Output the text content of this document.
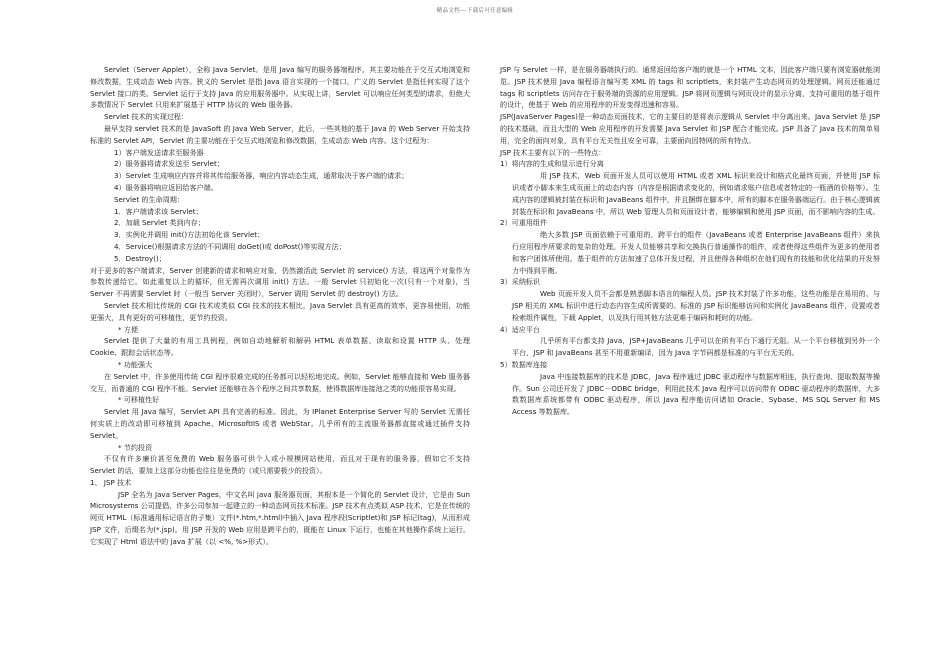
精品文档---下载后可任意编辑

Servlet（Server Applet），全称 Java Servlet。是用 Java 编写的服务器端程序。其主要功能在于交互式地浏览和修改数据，生成动态 Web 内容。狭义的 Servlet 是指 Java 语言实现的一个接口，广义的 Servlet 是指任何实现了这个 Servlet 接口的类。Servlet 运行于支持 Java 的应用服务器中。从实现上讲，Servlet 可以响应任何类型的请求，但绝大多数情况下 Servlet 只用来扩展基于 HTTP 协议的 Web 服务器。

Servlet 技术的实现过程：

最早支持 servlet 技术的是 JavaSoft 的 Java Web Server，此后，一些其他的基于 Java 的 Web Server 开始支持标准的 Servlet API，Servlet 的主要功能在于交互式地浏览和修改数据，生成动态 Web 内容。这个过程为：

1）客户端发送请求至服务器

2）服务器将请求发送至 Servlet；

3）Servlet 生成响应内容并将其传给服务器，响应内容动态生成，通常取决于客户端的请求；

4）服务器将响应返回给客户端。

Servlet 的生命周期：

1．客户端请求该 Servlet；

2．加载 Servlet 类到内存；

3．实例化并调用 init()方法初始化该 Servlet；

4．Service()根据请求方法的不同调用 doGet()或 doPost()等实现方法；

5．Destroy()；

对于更多的客户端请求，Server 创建新的请求和响应对象，仍然激活此 Servlet 的 service() 方法，将这两个对象作为参数传递给它。如此重复以上的循环，但无需再次调用 init() 方法。一般 Servlet 只初始化一次(只有一个对象)，当 Server 不再需要 Servlet 时（一般当 Server 关闭时），Server 调用 Servlet 的 destroy() 方法。

Servlet 技术相比传统的 CGI 技术或类似 CGI 技术的技术相比，Java Servlet 具有更高的效率，更容易使用，功能更强大，具有更好的可移植性，更节约投资。

* 方便

Servlet 提供了大量的有用工具例程，例如自动地解析和解码 HTML 表单数据、读取和设置 HTTP 头、处理 Cookie、跟踪会话状态等。

* 功能强大

在 Servlet 中，许多使用传统 CGI 程序很难完成的任务都可以轻松地完成。例如，Servlet 能够直接和 Web 服务器交互，而普通的 CGI 程序不能。Servlet 还能够在各个程序之间共享数据，使得数据库连接池之类的功能很容易实现。

* 可移植性好

Servlet 用 Java 编写，Servlet API 具有完善的标准。因此，为 IPlanet Enterprise Server 写的 Servlet 无需任何实质上的改动即可移植到 Apache、MicrosoftIIS 或者 WebStar。几乎所有的主流服务器都直接或通过插件支持 Servlet。

* 节约投资

不仅有许多廉价甚至免费的 Web 服务器可供个人或小规模网站使用，而且对于现有的服务器，假如它不支持 Servlet 的话，要加上这部分功能也往往是免费的（或只需要极少的投资）。

1、 JSP 技术

JSP 全名为 Java Server Pages，中文名叫 java 服务器页面，其根本是一个简化的 Servlet 设计，它是由 Sun Microsystems 公司提倡、许多公司参加一起建立的一种动态网页技术标准。JSP 技术有点类似 ASP 技术，它是在传统的网页 HTML（标准通用标记语言的子集）文件(*.htm,*.html)中插入 Java 程序段(Scriptlet)和 JSP 标记(tag)，从而形成 JSP 文件，后缀名为(*.jsp)。用 JSP 开发的 Web 应用是跨平台的，既能在 Linux 下运行，也能在其他操作系统上运行。它实现了 Html 语法中的 java 扩展（以 <%, %>形式）。

JSP 与 Servlet 一样，是在服务器端执行的。通常返回给客户端的就是一个 HTML 文本，因此客户端只要有浏览器就能浏览。JSP 技术使用 Java 编程语言编写类 XML 的 tags 和 scriptlets，来封装产生动态网页的处理逻辑。网页还能通过 tags 和 scriptlets 访问存在于服务端的资源的应用逻辑。JSP 将网页逻辑与网页设计的显示分离，支持可重用的基于组件的设计，使基于 Web 的应用程序的开发变得迅速和容易。

JSP(JavaServer Pages)是一种动态页面技术，它的主要目的是将表示逻辑从 Servlet 中分离出来。Java Servlet 是 JSP 的技术基础，而且大型的 Web 应用程序的开发需要 Java Servlet 和 JSP 配合才能完成。JSP 具备了 Java 技术的简单易用，完全的面向对象，具有平台无关性且安全可靠，主要面向因特网的所有特点。

JSP 技术主要有以下的一些特点：

1）将内容的生成和显示进行分离

用 JSP 技术，Web 页面开发人员可以使用 HTML 或者 XML 标识来设计和格式化最终页面，并使用 JSP 标识或者小脚本来生成页面上的动态内容（内容是根据请求变化的，例如请求账户信息或者特定的一瓶酒的价格等）。生成内容的逻辑被封装在标识和 JavaBeans 组件中，并且捆绑在脚本中，所有的脚本在服务器端运行。由于核心逻辑被封装在标识和 JavaBeans 中，所以 Web 管理人员和页面设计者，能够编辑和使用 JSP 页面，而不影响内容的生成。

2）可重用组件

绝大多数 JSP 页面依赖于可重用的，跨平台的组件（JavaBeans 或者 Enterprise JavaBeans 组件）来执行应用程序所要求的复杂的处理。开发人员能够共享和交换执行普通操作的组件，或者使得这些组件为更多的使用者和客户团体所使用。基于组件的方法加速了总体开发过程，并且使得各种组织在他们现有的技能和优化结果的开发努力中得到平衡。

3）采纳标识

Web 页面开发人员不会都是熟悉脚本语言的编程人员。JSP 技术封装了许多功能，这些功能是在易用的、与 JSP 相关的 XML 标识中进行动态内容生成所需要的。标准的 JSP 标识能够访问和实例化 JavaBeans 组件，设置或者检索组件属性，下载 Applet，以及执行用其他方法更难于编码和耗时的功能。

4）适应平台

几乎所有平台都支持 Java，JSP+JavaBeans 几乎可以在所有平台下通行无阻。从一个平台移植到另外一个平台，JSP 和 JavaBeans 甚至不用重新编译，因为 Java 字节码都是标准的与平台无关的。

5）数据库连接

Java 中连接数据库的技术是 JDBC，Java 程序通过 JDBC 驱动程序与数据库相连，执行查询、提取数据等操作。Sun 公司还开发了 JDBC－ODBC bridge，利用此技术 Java 程序可以访问带有 ODBC 驱动程序的数据库，大多数数据库系统都带有 ODBC 驱动程序，所以 Java 程序能访问诸如 Oracle、Sybase、MS SQL Server 和 MS Access 等数据库。
